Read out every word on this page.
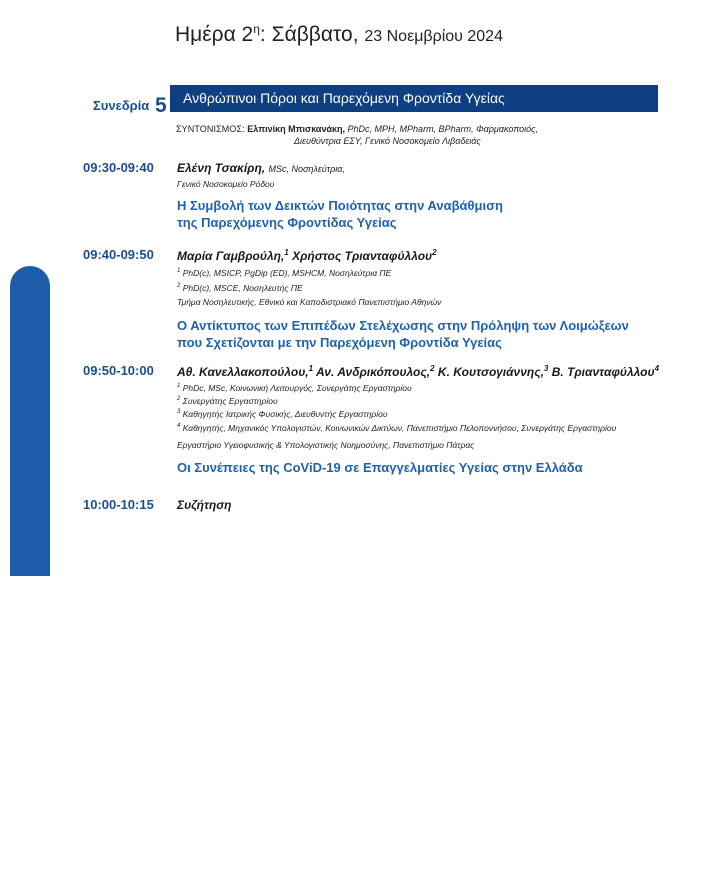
Ημέρα $2^\eta$: Σάββατο, 23 Νοεμβρίου 2024
Συνεδρία 5	Ανθρώπινοι Πόροι και Παρεχόμενη Φροντίδα Υγείας
ΣΥΝΤΟΝΙΣΜΟΣ: Ελπινίκη Μπισκανάκη, PhDc, MPH, MPharm, BPharm, Φαρμακοποιός,
Διευθύντρια ΕΣΥ, Γενικό Νοσοκομείο Λιβαδειάς
09:30-09:40 Ελένη Τσακίρη, MSc, Νοσηλεύτρια,
Γενικό Νοσοκομείο Ρόδου
Η Συμβολή των Δεικτών Ποιότητας στην Αναβάθμιση
της Παρεχόμενης Φροντίδας Υγείας
09:40-09:50 Μαρία Γαμβρούλη,$^1$ Χρήστος Τριανταφύλλου$^2$
$^1$ PhD(c), MSICP, PgDip (ED), MSHCM, Νοσηλεύτρια ΠΕ
$^2$ PhD(c), MSCE, Νοσηλευτής ΠΕ
Τμήμα Νοσηλευτικής, Εθνικό και Καποδιστριακό Πανεπιστήμιο Αθηνών
Ο Αντίκτυπος των Επιπέδων Στελέχωσης στην Πρόληψη των Λοιμώξεων
που Σχετίζονται με την Παρεχόμενη Φροντίδα Υγείας
09:50-10:00 Αθ. Κανελλακοπούλου,$^1$ Αν. Ανδρικόπουλος,$^2$ Κ. Κουτσογιάννης,$^3$ Β. Τριανταφύλλου$^4$
$^1$ PhDc, MSc, Κοινωνική Λειτουργός, Συνεργάτης Εργαστηρίου
$^2$ Συνεργάτης Εργαστηρίου
$^3$ Καθηγητής Ιατρικής Φυσικής, Διευθυντής Εργαστηρίου
$^4$ Καθηγητής, Μηχανικός Υπολογιστών, Κοινωνικών Δικτύων, Πανεπιστήμιο Πελοποννήσου, Συνεργάτης Εργαστηρίου
Εργαστήριο Υγειοφυσικής & Υπολογιστικής Νοημοσύνης, Πανεπιστήμιο Πάτρας
Οι Συνέπειες της CoViD-19 σε Επαγγελματίες Υγείας στην Ελλάδα
10:00-10:15 Συζήτηση
ανελλήνιο Συνέδριο anagement Υπηρεσιών Υγείας
